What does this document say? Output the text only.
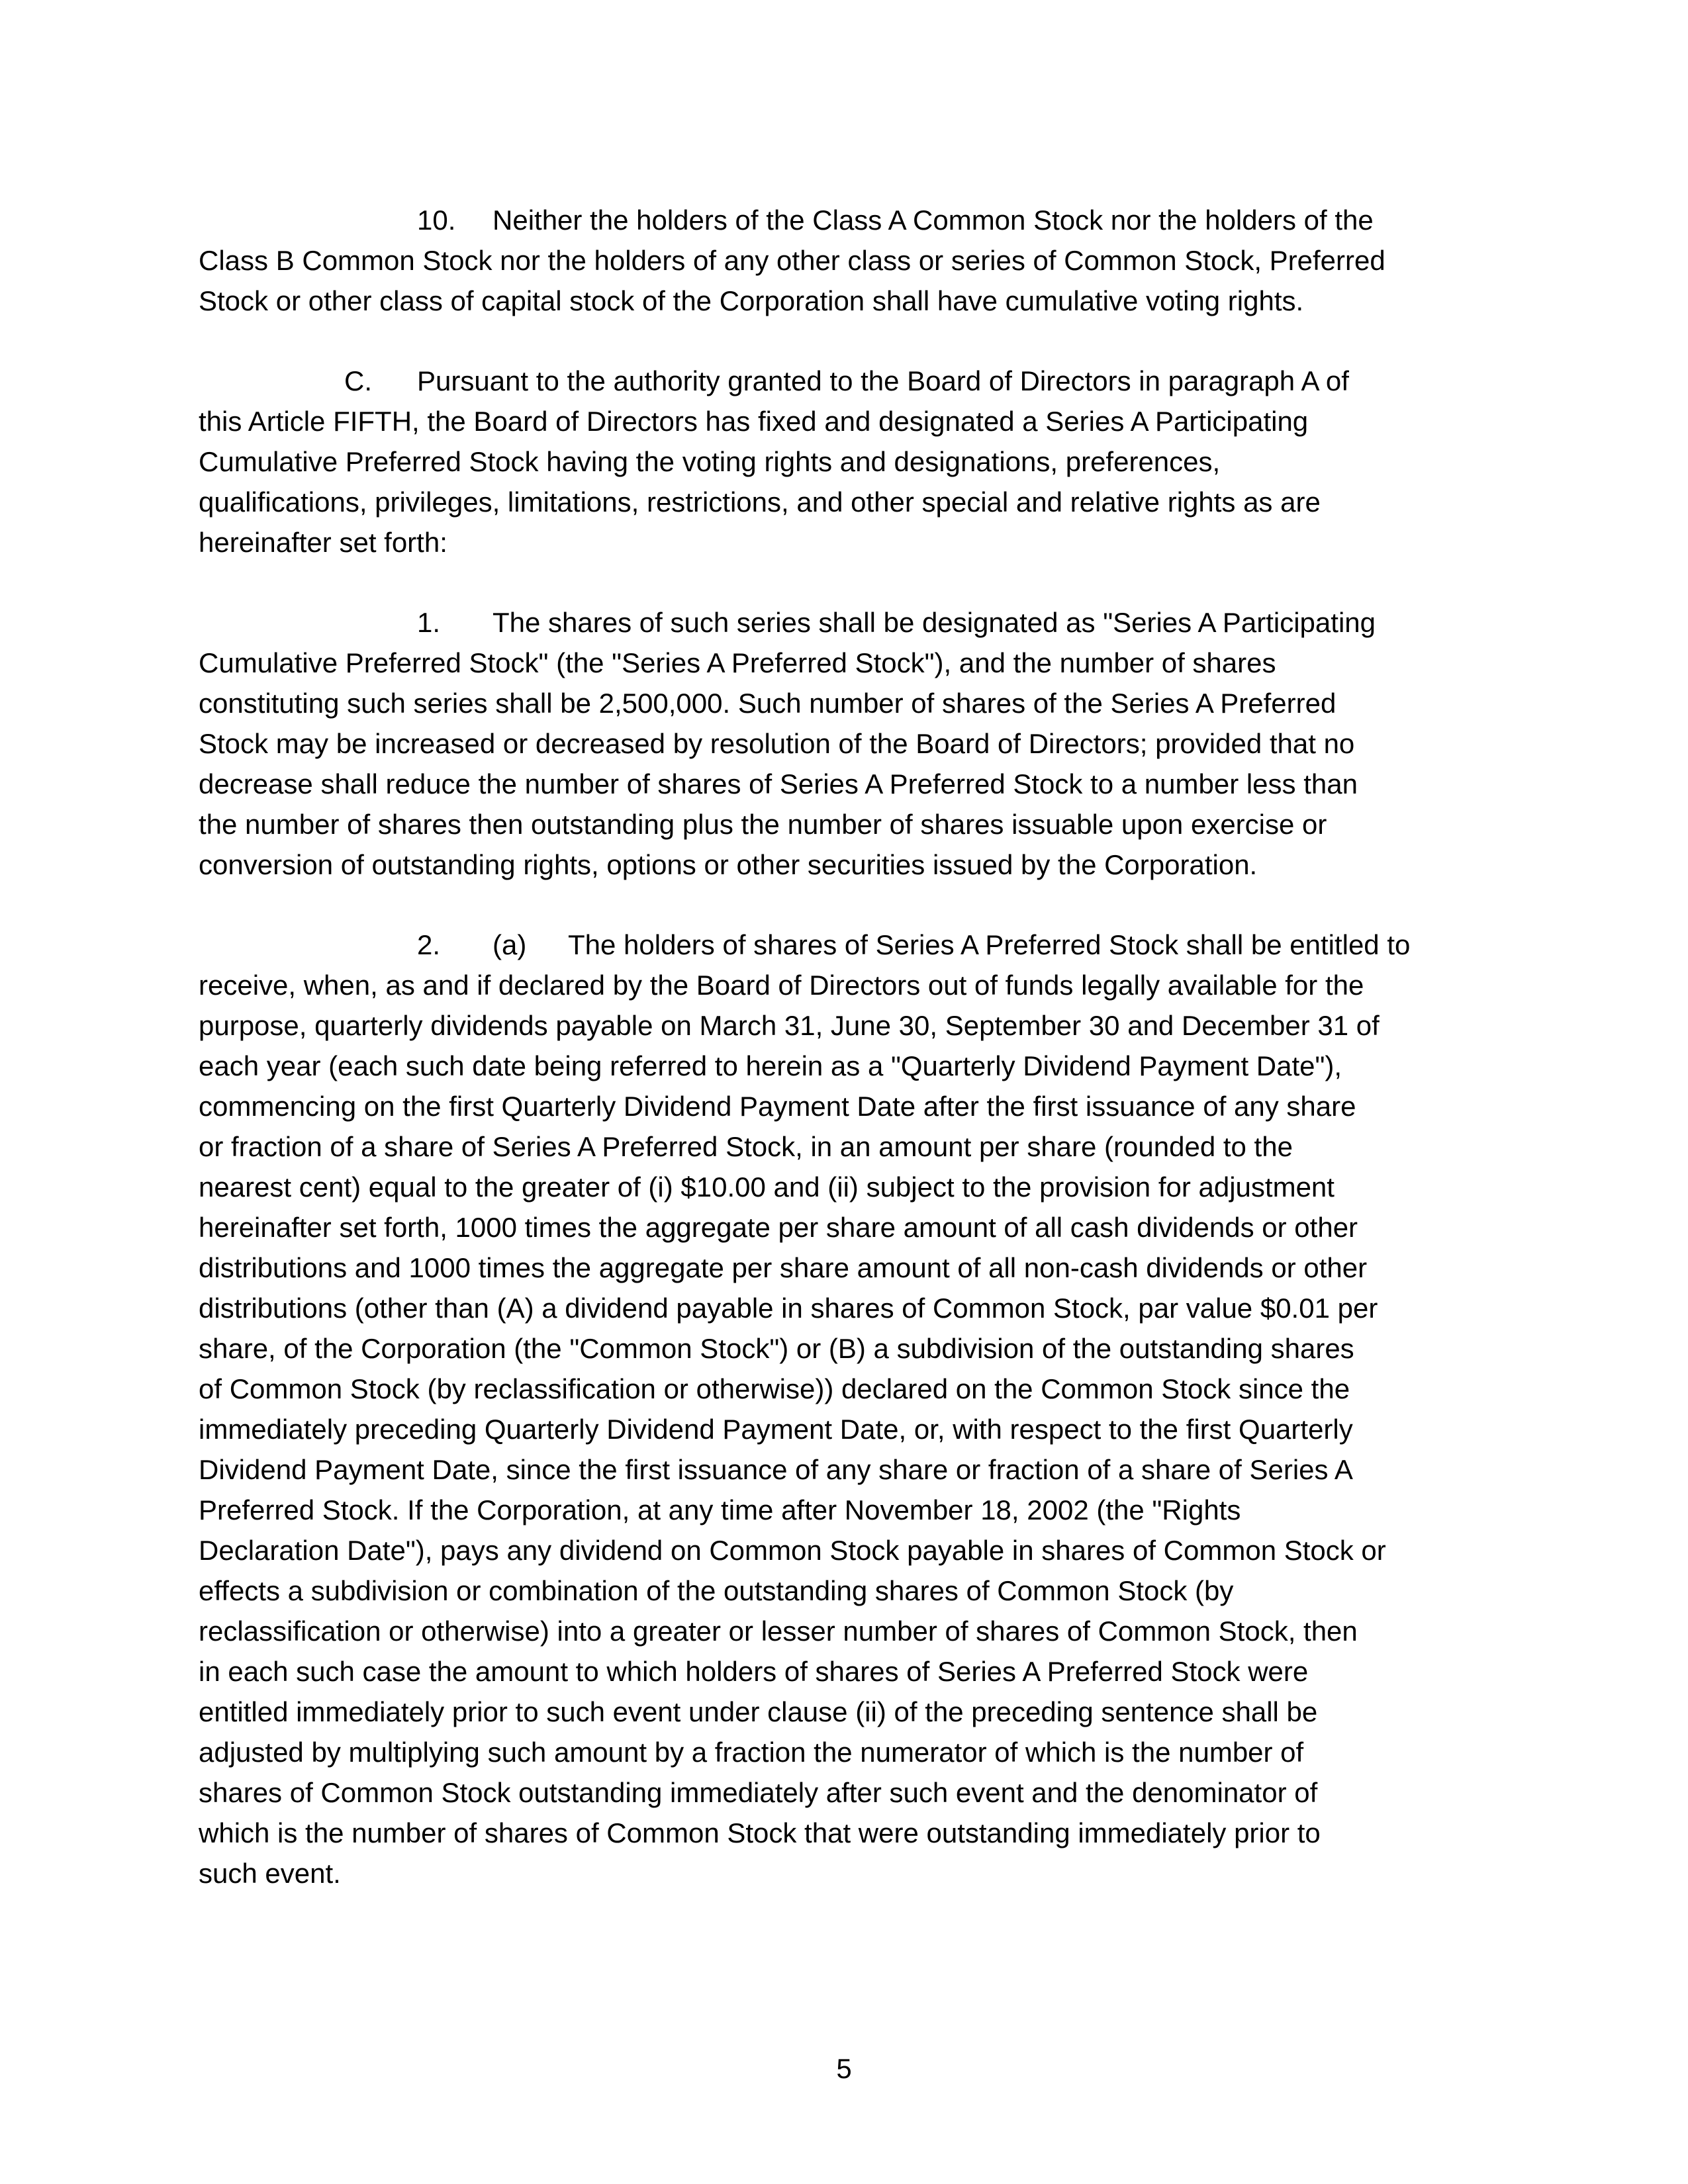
10. Neither the holders of the Class A Common Stock nor the holders of the
Class B Common Stock nor the holders of any other class or series of Common Stock, Preferred
Stock or other class of capital stock of the Corporation shall have cumulative voting rights.
C. Pursuant to the authority granted to the Board of Directors in paragraph A of
this Article FIFTH, the Board of Directors has fixed and designated a Series A Participating
Cumulative Preferred Stock having the voting rights and designations, preferences,
qualifications, privileges, limitations, restrictions, and other special and relative rights as are
hereinafter set forth:
1. The shares of such series shall be designated as "Series A Participating
Cumulative Preferred Stock" (the "Series A Preferred Stock"), and the number of shares
constituting such series shall be 2,500,000. Such number of shares of the Series A Preferred
Stock may be increased or decreased by resolution of the Board of Directors; provided that no
decrease shall reduce the number of shares of Series A Preferred Stock to a number less than
the number of shares then outstanding plus the number of shares issuable upon exercise or
conversion of outstanding rights, options or other securities issued by the Corporation.
2. (a) The holders of shares of Series A Preferred Stock shall be entitled to
receive, when, as and if declared by the Board of Directors out of funds legally available for the
purpose, quarterly dividends payable on March 31, June 30, September 30 and December 31 of
each year (each such date being referred to herein as a "Quarterly Dividend Payment Date"),
commencing on the first Quarterly Dividend Payment Date after the first issuance of any share
or fraction of a share of Series A Preferred Stock, in an amount per share (rounded to the
nearest cent) equal to the greater of (i) $10.00 and (ii) subject to the provision for adjustment
hereinafter set forth, 1000 times the aggregate per share amount of all cash dividends or other
distributions and 1000 times the aggregate per share amount of all non-cash dividends or other
distributions (other than (A) a dividend payable in shares of Common Stock, par value $0.01 per
share, of the Corporation (the "Common Stock") or (B) a subdivision of the outstanding shares
of Common Stock (by reclassification or otherwise)) declared on the Common Stock since the
immediately preceding Quarterly Dividend Payment Date, or, with respect to the first Quarterly
Dividend Payment Date, since the first issuance of any share or fraction of a share of Series A
Preferred Stock. If the Corporation, at any time after November 18, 2002 (the "Rights
Declaration Date"), pays any dividend on Common Stock payable in shares of Common Stock or
effects a subdivision or combination of the outstanding shares of Common Stock (by
reclassification or otherwise) into a greater or lesser number of shares of Common Stock, then
in each such case the amount to which holders of shares of Series A Preferred Stock were
entitled immediately prior to such event under clause (ii) of the preceding sentence shall be
adjusted by multiplying such amount by a fraction the numerator of which is the number of
shares of Common Stock outstanding immediately after such event and the denominator of
which is the number of shares of Common Stock that were outstanding immediately prior to
such event.
5
